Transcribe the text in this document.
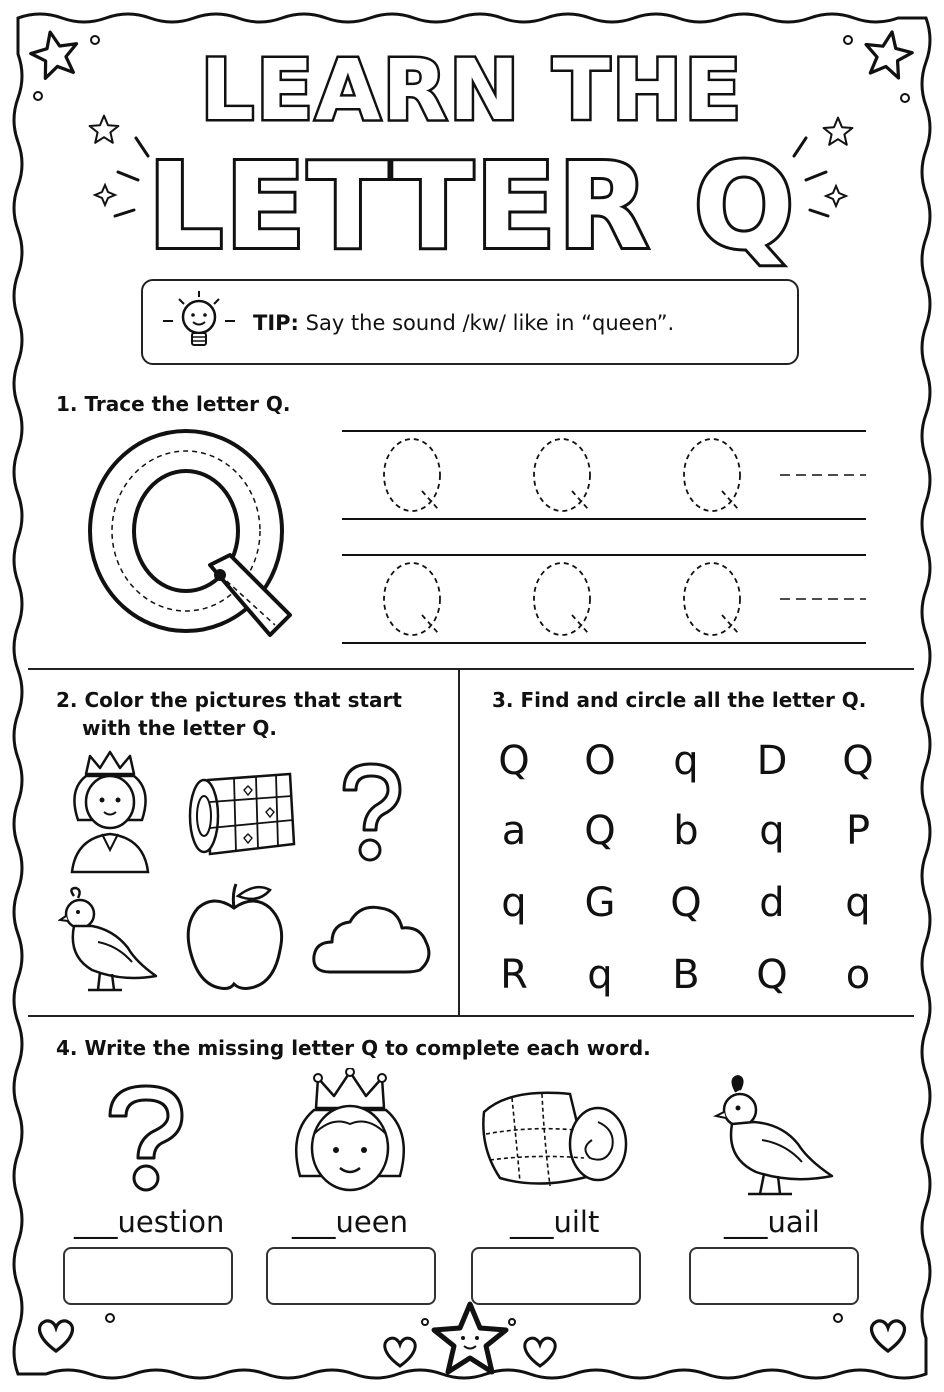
LEARN THE
LETTER Q
TIP: Say the sound /kw/ like in “queen”.
1. Trace the letter Q.
2. Color the pictures that start
with the letter Q.
3. Find and circle all the letter Q.
Q	O	q	D	Q
a	Q	b	q	P
q	G	Q	d	q
R	q	B	Q	o
4. Write the missing letter Q to complete each word.
___uestion ___ueen	___uilt	___uail
